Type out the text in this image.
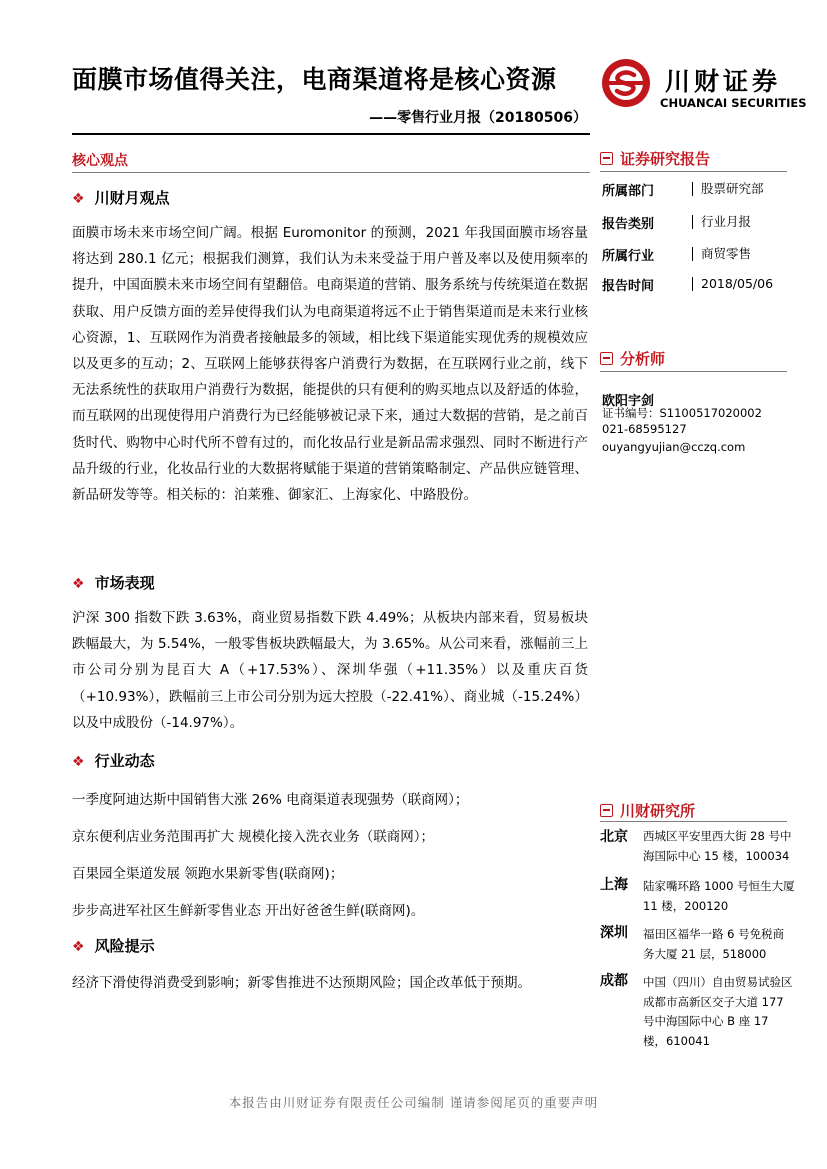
面膜市场值得关注，电商渠道将是核心资源
——零售行业月报（20180506）
川财证券
CHUANCAI SECURITIES
核心观点
❖ 川财月观点
面膜市场未来市场空间广阔。根据 Euromonitor 的预测，2021 年我国面膜市场容量将达到 280.1 亿元；根据我们测算，我们认为未来受益于用户普及率以及使用频率的提升，中国面膜未来市场空间有望翻倍。电商渠道的营销、服务系统与传统渠道在数据获取、用户反馈方面的差异使得我们认为电商渠道将远不止于销售渠道而是未来行业核心资源，1、互联网作为消费者接触最多的领域，相比线下渠道能实现优秀的规模效应以及更多的互动；2、互联网上能够获得客户消费行为数据，在互联网行业之前，线下无法系统性的获取用户消费行为数据，能提供的只有便利的购买地点以及舒适的体验，而互联网的出现使得用户消费行为已经能够被记录下来，通过大数据的营销，是之前百货时代、购物中心时代所不曾有过的，而化妆品行业是新品需求强烈、同时不断进行产品升级的行业，化妆品行业的大数据将赋能于渠道的营销策略制定、产品供应链管理、新品研发等等。相关标的：泊莱雅、御家汇、上海家化、中路股份。
❖ 市场表现
沪深 300 指数下跌 3.63%，商业贸易指数下跌 4.49%；从板块内部来看，贸易板块跌幅最大，为 5.54%，一般零售板块跌幅最大，为 3.65%。从公司来看，涨幅前三上市公司分别为昆百大 A（+17.53%）、深圳华强（+11.35%）以及重庆百货（+10.93%），跌幅前三上市公司分别为远大控股（-22.41%）、商业城（-15.24%）以及中成股份（-14.97%）。
❖ 行业动态
一季度阿迪达斯中国销售大涨 26% 电商渠道表现强势（联商网）；
京东便利店业务范围再扩大 规模化接入洗衣业务（联商网）；
百果园全渠道发展 领跑水果新零售(联商网)；
步步高进军社区生鲜新零售业态 开出好爸爸生鲜(联商网)。
❖ 风险提示
经济下滑使得消费受到影响；新零售推进不达预期风险；国企改革低于预期。
证券研究报告
所属部门	股票研究部
报告类别	行业月报
所属行业	商贸零售
报告时间	2018/05/06
分析师
欧阳宇剑
证书编号：S1100517020002
021-68595127
ouyangyujian@cczq.com
川财研究所
北京 西城区平安里西大街 28 号中海国际中心 15 楼，100034
上海 陆家嘴环路 1000 号恒生大厦 11 楼，200120
深圳 福田区福华一路 6 号免税商务大厦 21 层，518000
成都 中国（四川）自由贸易试验区成都市高新区交子大道 177 号中海国际中心 B 座 17 楼，610041
本报告由川财证券有限责任公司编制 谨请参阅尾页的重要声明
